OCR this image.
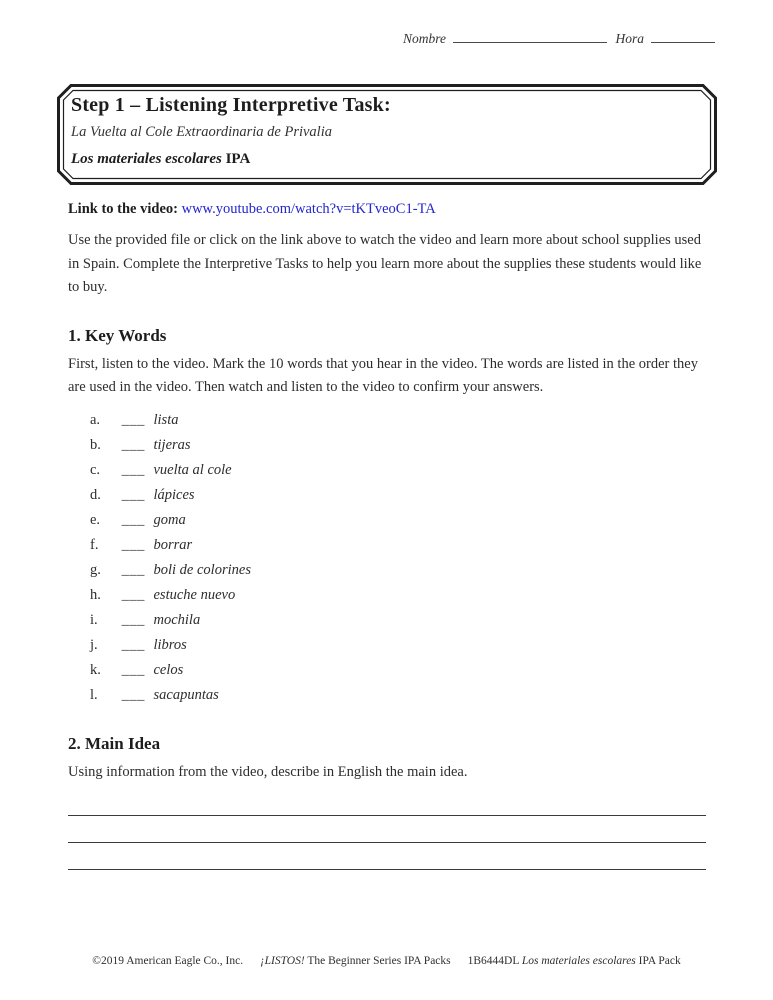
Nombre	Hora
Step 1 – Listening Interpretive Task:
La Vuelta al Cole Extraordinaria de Privalia
Los materiales escolares IPA
Link to the video: www.youtube.com/watch?v=tKTveoC1-TA
Use the provided file or click on the link above to watch the video and learn more about school supplies used in Spain. Complete the Interpretive Tasks to help you learn more about the supplies these students would like to buy.
1. Key Words
First, listen to the video. Mark the 10 words that you hear in the video. The words are listed in the order they are used in the video. Then watch and listen to the video to confirm your answers.
a. ___ lista
b. ___ tijeras
c. ___ vuelta al cole
d. ___ lápices
e. ___ goma
f. ___ borrar
g. ___ boli de colorines
h. ___ estuche nuevo
i. ___ mochila
j. ___ libros
k. ___ celos
l. ___ sacapuntas
2. Main Idea
Using information from the video, describe in English the main idea.
©2019 American Eagle Co., Inc. ¡LISTOS! The Beginner Series IPA Packs 1B6444DL Los materiales escolares IPA Pack
